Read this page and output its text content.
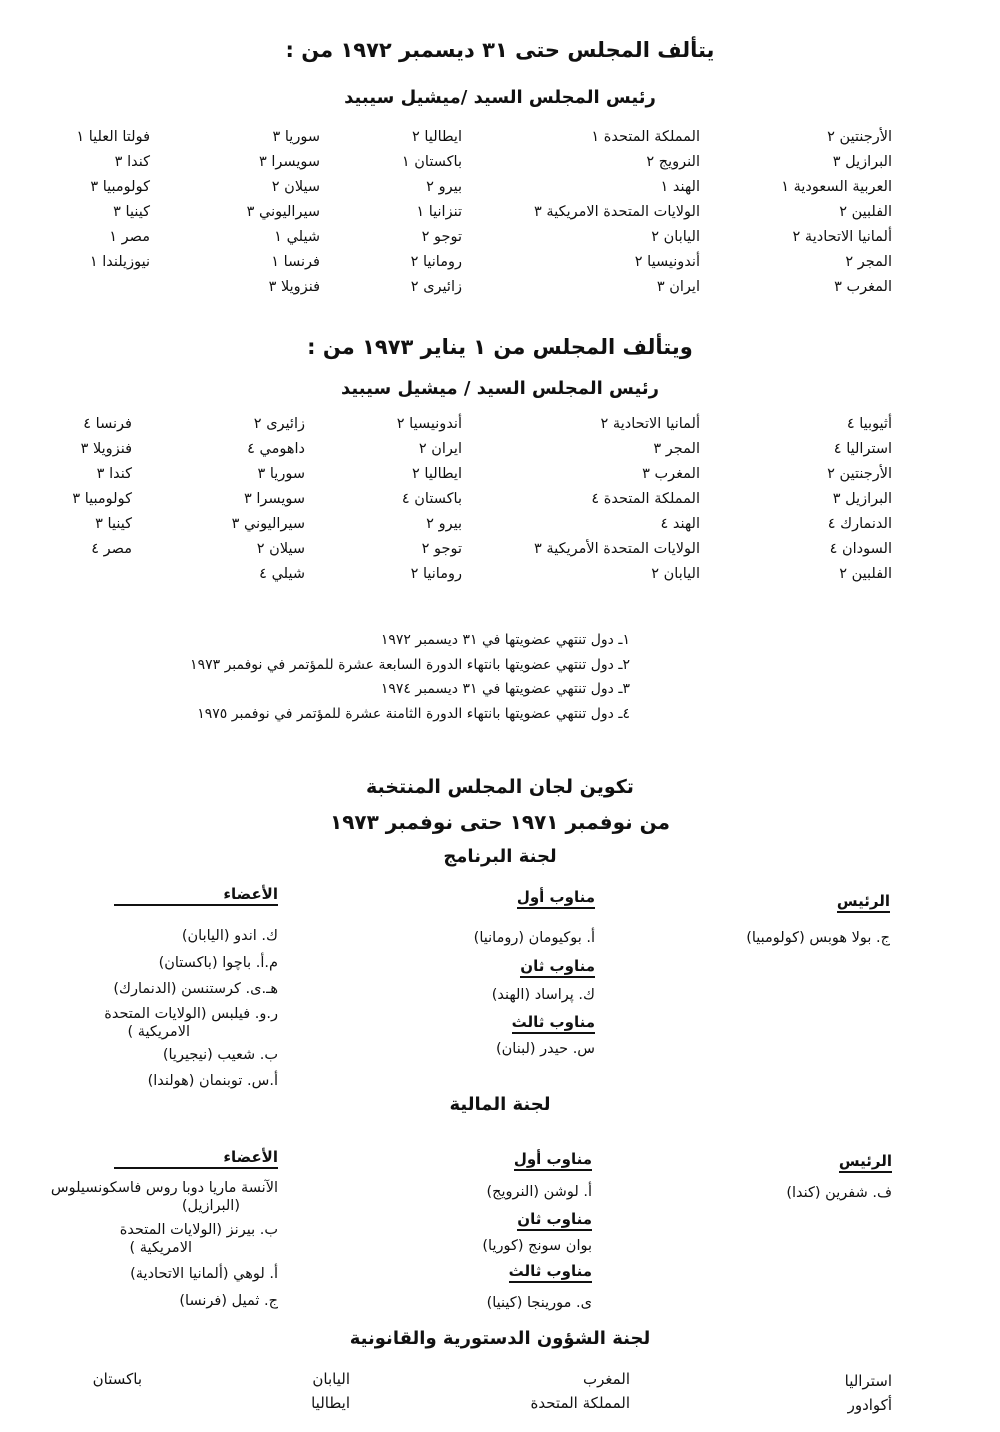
يتألف المجلس حتى ٣١ ديسمبر ١٩٧٢ من :
رئيس المجلس السيد /ميشيل سيبيد
الأرجنتين ٢
البرازيل ٣
العربية السعودية ١
الفلبين ٢
ألمانيا الاتحادية ٢
المجر ٢
المغرب ٣
المملكة المتحدة ١
النرويج ٢
الهند ١
الولايات المتحدة الامريكية ٣
اليابان ٢
أندونيسيا ٢
ايران ٣
ايطاليا ٢
باكستان ١
بيرو ٢
تنزانيا ١
توجو ٢
رومانيا ٢
زائيرى ٢
سوريا ٣
سويسرا ٣
سيلان ٢
سيراليوني ٣
شيلي ١
فرنسا ١
فنزويلا ٣
فولتا العليا ١
كندا ٣
كولومبيا ٣
كينيا ٣
مصر ١
نيوزيلندا ١
ويتألف المجلس من ١ يناير ١٩٧٣ من :
رئيس المجلس السيد / ميشيل سيبيد
أثيوبيا ٤
استراليا ٤
الأرجنتين ٢
البرازيل ٣
الدنمارك ٤
السودان ٤
الفلبين ٢
ألمانيا الاتحادية ٢
المجر ٣
المغرب ٣
المملكة المتحدة ٤
الهند ٤
الولايات المتحدة الأمريكية ٣
اليابان ٢
أندونيسيا ٢
ايران ٢
ايطاليا ٢
باكستان ٤
بيرو ٢
توجو ٢
رومانيا ٢
زائيرى ٢
داهومي ٤
سوريا ٣
سويسرا ٣
سيراليوني ٣
سيلان ٢
شيلي ٤
فرنسا ٤
فنزويلا ٣
كندا ٣
كولومبيا ٣
كينيا ٣
مصر ٤
١ـ دول تنتهي عضويتها في ٣١ ديسمبر ١٩٧٢
٢ـ دول تنتهي عضويتها بانتهاء الدورة السابعة عشرة للمؤتمر في نوفمبر ١٩٧٣
٣ـ دول تنتهي عضويتها في ٣١ ديسمبر ١٩٧٤
٤ـ دول تنتهي عضويتها بانتهاء الدورة الثامنة عشرة للمؤتمر في نوفمبر ١٩٧٥
تكوين لجان المجلس المنتخبة
من نوفمبر ١٩٧١ حتى نوفمبر ١٩٧٣
لجنة البرنامج
الرئيس
ج. بولا هوبس (كولومبيا)
مناوب أول
أ. بوكيومان (رومانيا)
مناوب ثان
ك. پراساد (الهند)
مناوب ثالث
س. حيدر (لبنان)
الأعضاء
ك. اندو (اليابان)
م.أ. باچوا (باكستان)
هـ.ى. كرستنسن (الدنمارك)
ر.و. فيلبس (الولايات المتحدة
الامريكية )
ب. شعيب (نيجيريا)
أ.س. توبنمان (هولندا)
لجنة المالية
الرئيس
ف. شفرين (كندا)
مناوب أول
أ. لوشن (النرويج)
مناوب ثان
بوان سونج (كوريا)
مناوب ثالث
ى. مورينجا (كينيا)
الأعضاء
الآنسة ماريا دوبا روس فاسكونسيلوس
(البرازيل)
ب. بيرنز (الولايات المتحدة
الامريكية )
أ. لوهي (ألمانيا الاتحادية)
ج. ثميل (فرنسا)
لجنة الشؤون الدستورية والقانونية
استراليا
أكوادور
المغرب
المملكة المتحدة
اليابان
ايطاليا
باكستان
